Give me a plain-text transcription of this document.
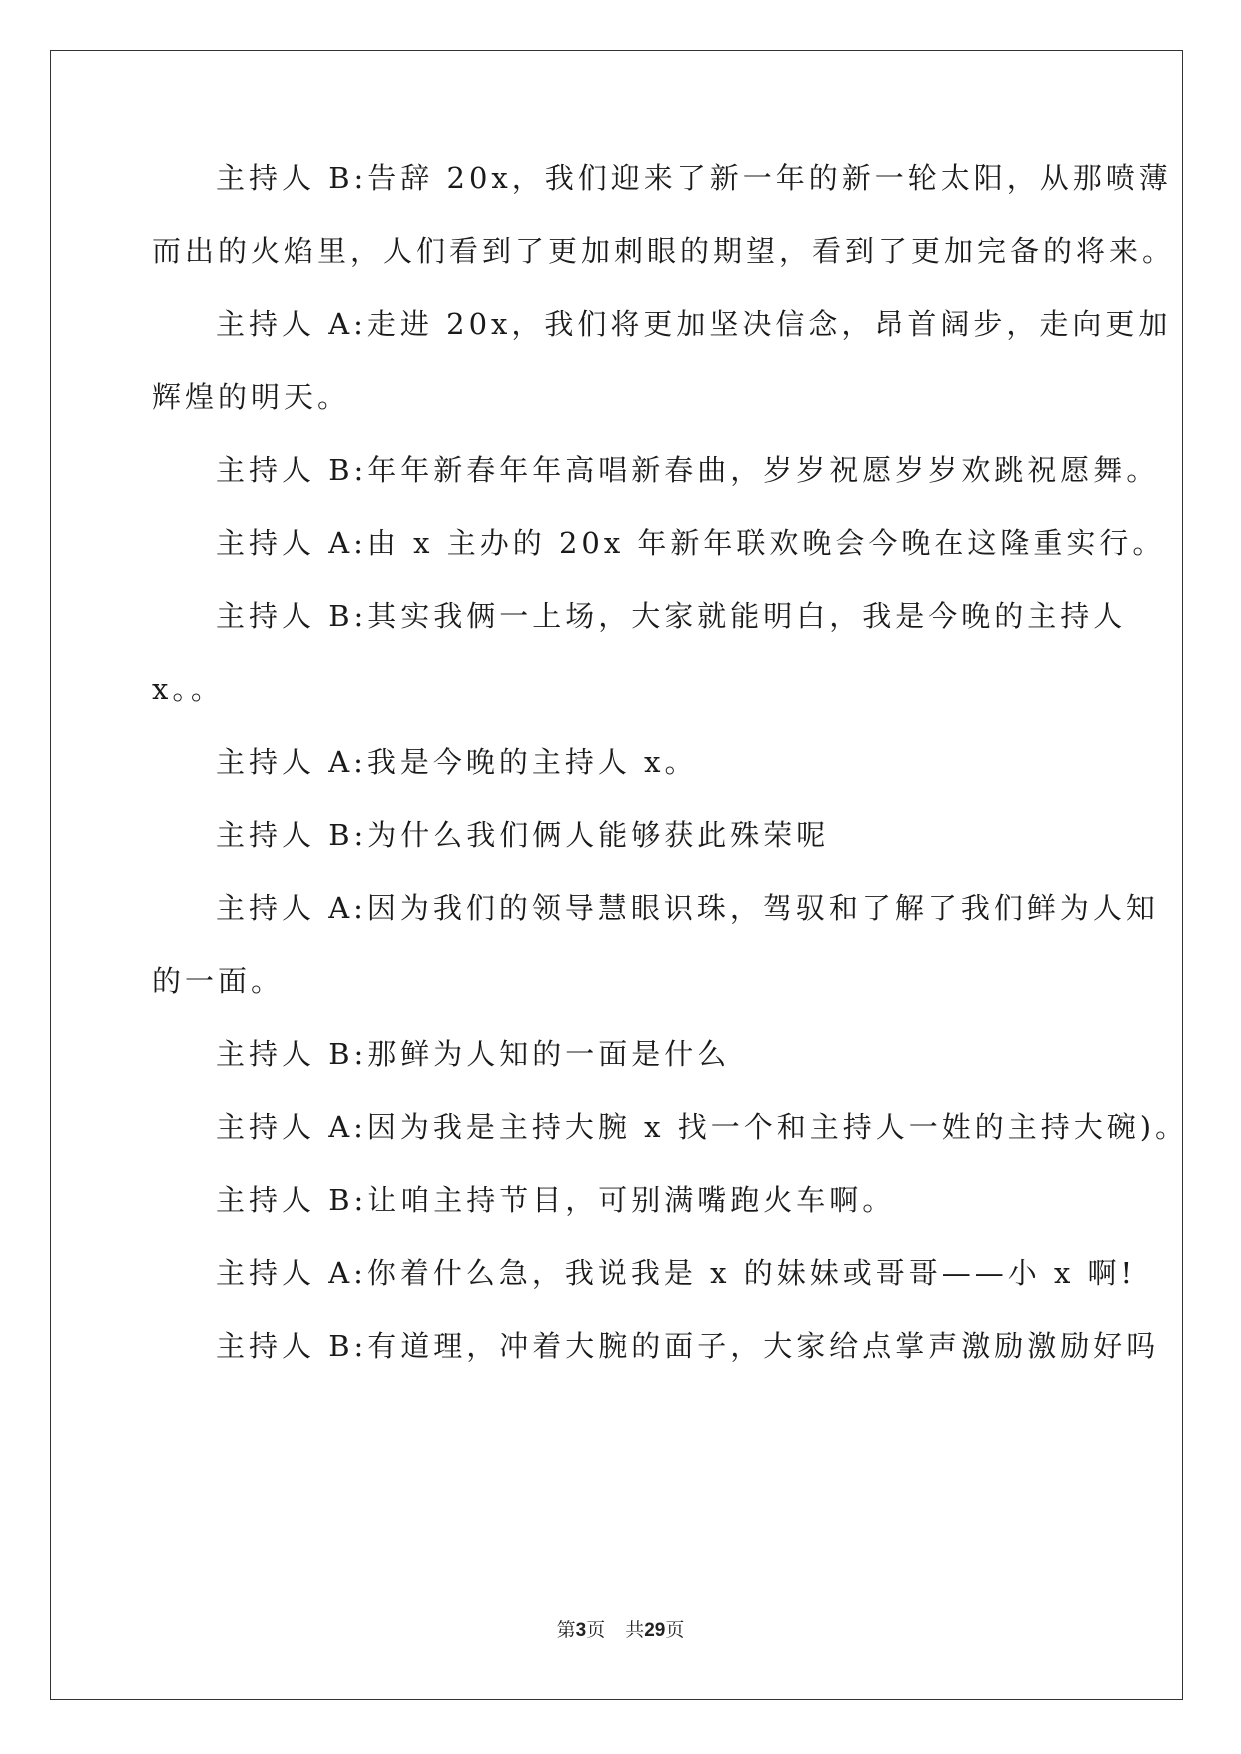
主持人 B:告辞 20x，我们迎来了新一年的新一轮太阳，从那喷薄
而出的火焰里，人们看到了更加刺眼的期望，看到了更加完备的将来。
主持人 A:走进 20x，我们将更加坚决信念，昂首阔步，走向更加
辉煌的明天。
主持人 B:年年新春年年高唱新春曲，岁岁祝愿岁岁欢跳祝愿舞。
主持人 A:由 x 主办的 20x 年新年联欢晚会今晚在这隆重实行。
主持人 B:其实我俩一上场，大家就能明白，我是今晚的主持人
x。。
主持人 A:我是今晚的主持人 x。
主持人 B:为什么我们俩人能够获此殊荣呢
主持人 A:因为我们的领导慧眼识珠，驾驭和了解了我们鲜为人知
的一面。
主持人 B:那鲜为人知的一面是什么
主持人 A:因为我是主持大腕 x 找一个和主持人一姓的主持大碗)。
主持人 B:让咱主持节目，可别满嘴跑火车啊。
主持人 A:你着什么急，我说我是 x 的妹妹或哥哥——小 x 啊!
主持人 B:有道理，冲着大腕的面子，大家给点掌声激励激励好吗
第3页 共29页
